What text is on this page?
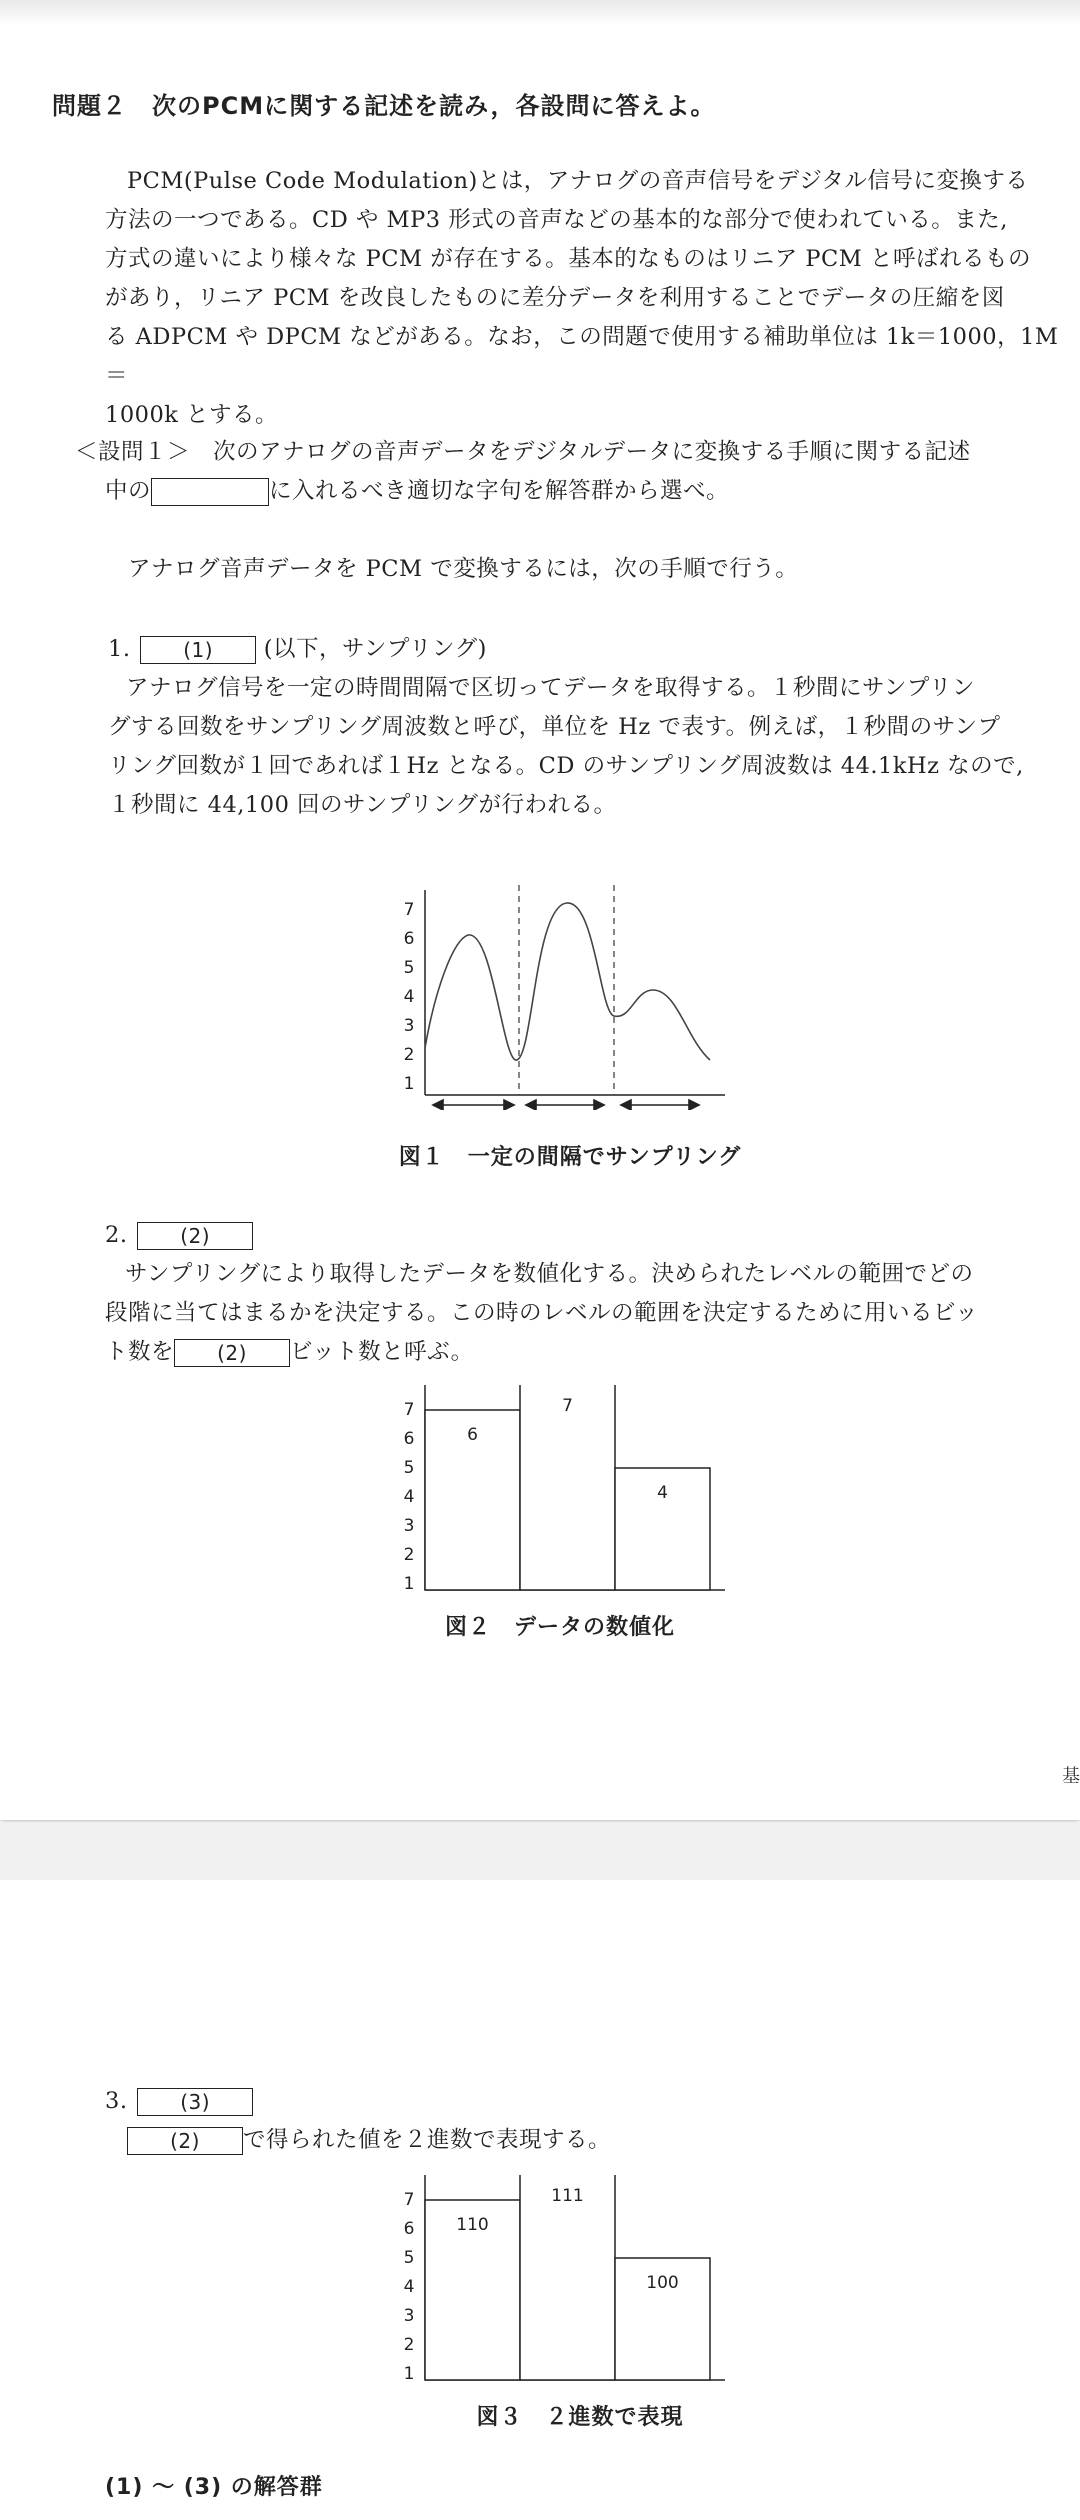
問題２　次のPCMに関する記述を読み，各設問に答えよ。
PCM(Pulse Code Modulation)とは，アナログの音声信号をデジタル信号に変換する
方法の一つである。CD や MP3 形式の音声などの基本的な部分で使われている。また,
方式の違いにより様々な PCM が存在する。基本的なものはリニア PCM と呼ばれるもの
があり，リニア PCM を改良したものに差分データを利用することでデータの圧縮を図
る ADPCM や DPCM などがある。なお，この問題で使用する補助単位は 1k＝1000，1M＝
1000k とする。
＜設問１＞　次のアナログの音声データをデジタルデータに変換する手順に関する記述
中の	に入れるべき適切な字句を解答群から選べ。
アナログ音声データを PCM で変換するには，次の手順で行う。
1.	(1) (以下，サンプリング)
アナログ信号を一定の時間間隔で区切ってデータを取得する。１秒間にサンプリン
グする回数をサンプリング周波数と呼び，単位を Hz で表す。例えば，１秒間のサンプ
リング回数が１回であれば１Hz となる。CD のサンプリング周波数は 44.1kHz なので,
１秒間に 44,100 回のサンプリングが行われる。
1
2
3
4
5
6
7
図１　一定の間隔でサンプリング
2.	(2)
サンプリングにより取得したデータを数値化する。決められたレベルの範囲でどの
段階に当てはまるかを決定する。この時のレベルの範囲を決定するために用いるビッ
ト数を (2) ビット数と呼ぶ。
1
2
3
4
5
6
7
6
7
4
図２　データの数値化
基
3.	(3)
(2) で得られた値を２進数で表現する。
1
2
3
4
5
6
7
110
111
100
図３　２進数で表現
(1) ～ (3) の解答群
